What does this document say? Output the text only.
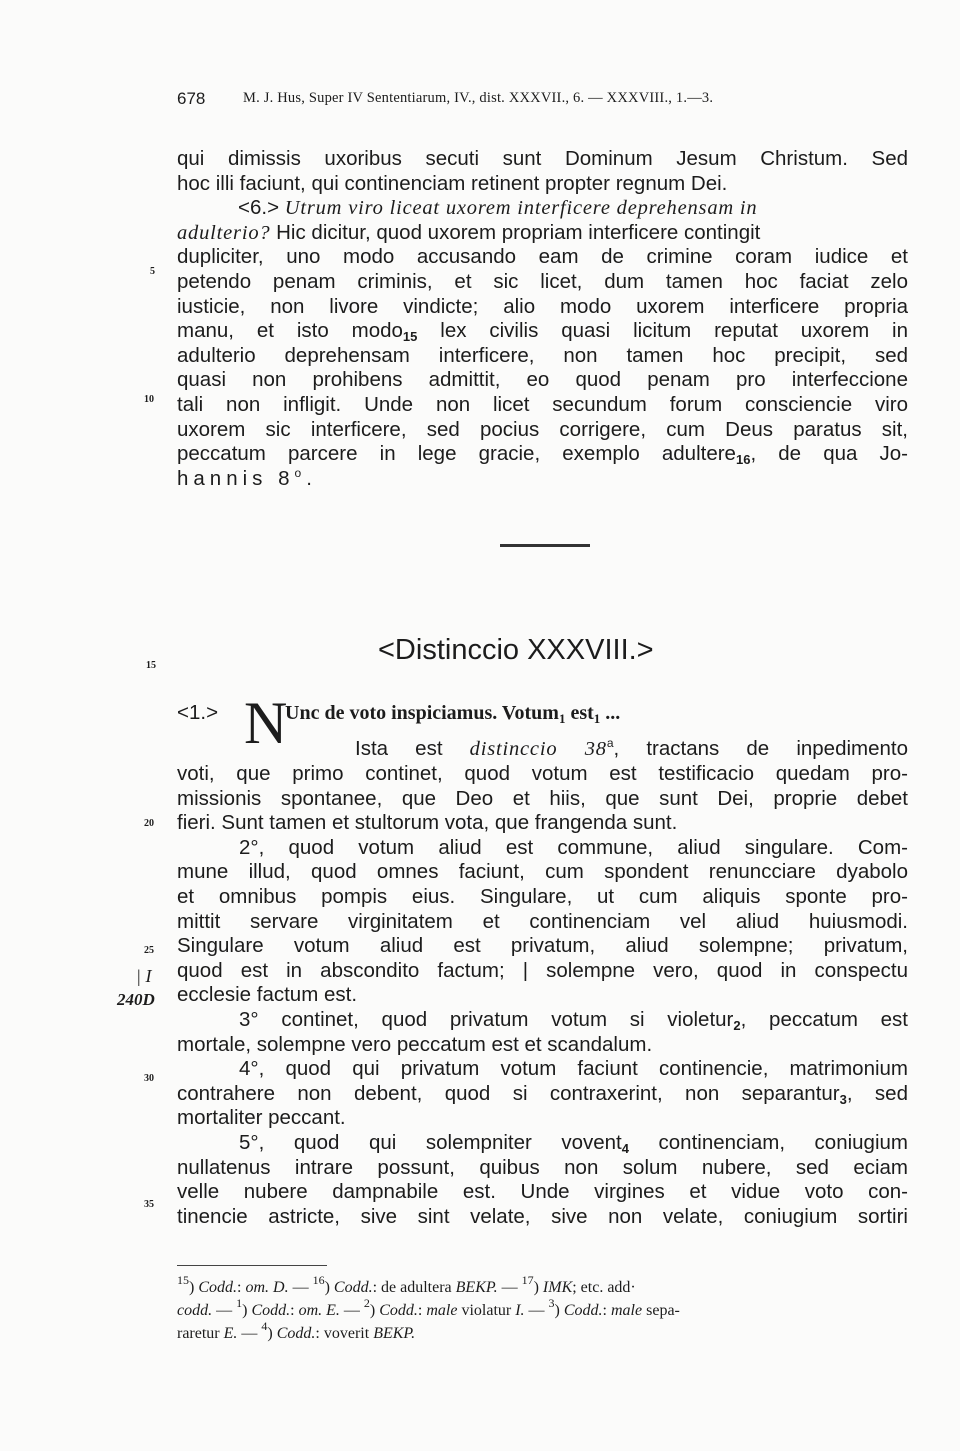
678

	M. J. Hus, Super IV Sententiarum, IV., dist. XXXVII., 6. — XXXVIII., 1.—3.

qui dimissis uxoribus secuti sunt Dominum Jesum Christum. Sed
hoc illi faciunt, qui continenciam retinent propter regnum Dei.
<6.> Utrum viro liceat uxorem interficere deprehensam in
adulterio? Hic dicitur, quod uxorem propriam interficere contingit
dupliciter, uno modo accusando eam de crimine coram iudice et
petendo penam criminis, et sic licet, dum tamen hoc faciat zelo
iusticie, non livore vindicte; alio modo uxorem interficere propria
manu, et isto modo$_{15}$ lex civilis quasi licitum reputat uxorem in
adulterio deprehensam interficere, non tamen hoc precipit, sed
quasi non prohibens admittit, eo quod penam pro interfeccione
tali non infligit. Unde non licet secundum forum consciencie viro
uxorem sic interficere, sed pocius corrigere, cum Deus paratus sit,
peccatum parcere in lege gracie, exemplo adultere$_{16}$, de qua Jo-
hannis 8$^o$.
5
10
15
20
25
30
35
<Distinccio XXXVIII.>
N
<1.>	Unc de voto inspiciamus. Votum$_1$ est$_1$ ...
Ista est distinccio 38$^a$, tractans de inpedimento
voti, que primo continet, quod votum est testificacio quedam pro-
missionis spontanee, que Deo et hiis, que sunt Dei, proprie debet
fieri. Sunt tamen et stultorum vota, que frangenda sunt.
2°, quod votum aliud est commune, aliud singulare. Com-
mune illud, quod omnes faciunt, cum spondent renuncciare dyabolo
et omnibus pompis eius. Singulare, ut cum aliquis sponte pro-
mittit servare virginitatem et continenciam vel aliud huiusmodi.
Singulare votum aliud est privatum, aliud solempne; privatum,
quod est in abscondito factum; | solempne vero, quod in conspectu
ecclesie factum est.
3° continet, quod privatum votum si violetur$_2$, peccatum est
mortale, solempne vero peccatum est et scandalum.
4°, quod qui privatum votum faciunt continencie, matrimonium
contrahere non debent, quod si contraxerint, non separantur$_3$, sed
mortaliter peccant.
5°, quod qui solempniter vovent$_4$ continenciam, coniugium
nullatenus intrare possunt, quibus non solum nubere, sed eciam
velle nubere dampnabile est. Unde virgines et vidue voto con-
tinencie astricte, sive sint velate, sive non velate, coniugium sortiri
| I
240D
$^{15}$) Codd.: om. D. — $^{16}$) Codd.: de adultera BEKP. — $^{17}$) IMK; etc. add·
codd. — $^1$) Codd.: om. E. — $^2$) Codd.: male violatur I. — $^3$) Codd.: male sepa-
raretur E. — $^4$) Codd.: voverit BEKP.
